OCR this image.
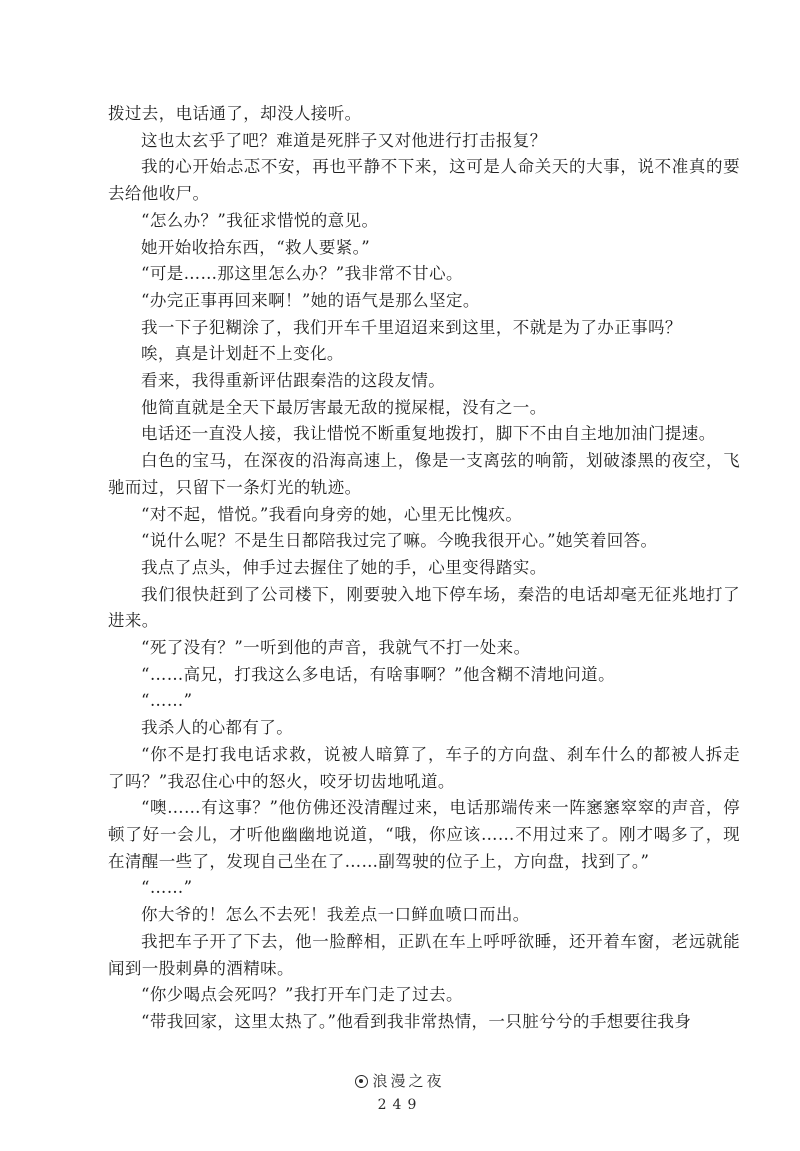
拨过去，电话通了，却没人接听。

这也太玄乎了吧？难道是死胖子又对他进行打击报复？

我的心开始忐忑不安，再也平静不下来，这可是人命关天的大事，说不准真的要去给他收尸。

“怎么办？”我征求惜悦的意见。

她开始收拾东西，“救人要紧。”

“可是……那这里怎么办？”我非常不甘心。

“办完正事再回来啊！”她的语气是那么坚定。

我一下子犯糊涂了，我们开车千里迢迢来到这里，不就是为了办正事吗？

唉，真是计划赶不上变化。

看来，我得重新评估跟秦浩的这段友情。

他简直就是全天下最厉害最无敌的搅屎棍，没有之一。

电话还一直没人接，我让惜悦不断重复地拨打，脚下不由自主地加油门提速。

白色的宝马，在深夜的沿海高速上，像是一支离弦的响箭，划破漆黑的夜空，飞驰而过，只留下一条灯光的轨迹。

“对不起，惜悦。”我看向身旁的她，心里无比愧疚。

“说什么呢？不是生日都陪我过完了嘛。今晚我很开心。”她笑着回答。

我点了点头，伸手过去握住了她的手，心里变得踏实。

我们很快赶到了公司楼下，刚要驶入地下停车场，秦浩的电话却毫无征兆地打了进来。

“死了没有？”一听到他的声音，我就气不打一处来。

“……高兄，打我这么多电话，有啥事啊？”他含糊不清地问道。

“……”

我杀人的心都有了。

“你不是打我电话求救，说被人暗算了，车子的方向盘、刹车什么的都被人拆走了吗？”我忍住心中的怒火，咬牙切齿地吼道。

“噢……有这事？”他仿佛还没清醒过来，电话那端传来一阵窸窸窣窣的声音，停顿了好一会儿，才听他幽幽地说道，“哦，你应该……不用过来了。刚才喝多了，现在清醒一些了，发现自己坐在了……副驾驶的位子上，方向盘，找到了。”

“……”

你大爷的！怎么不去死！我差点一口鲜血喷口而出。

我把车子开了下去，他一脸醉相，正趴在车上呼呼欲睡，还开着车窗，老远就能闻到一股刺鼻的酒精味。

“你少喝点会死吗？”我打开车门走了过去。

“带我回家，这里太热了。”他看到我非常热情，一只脏兮兮的手想要往我身

浪漫之夜
249
